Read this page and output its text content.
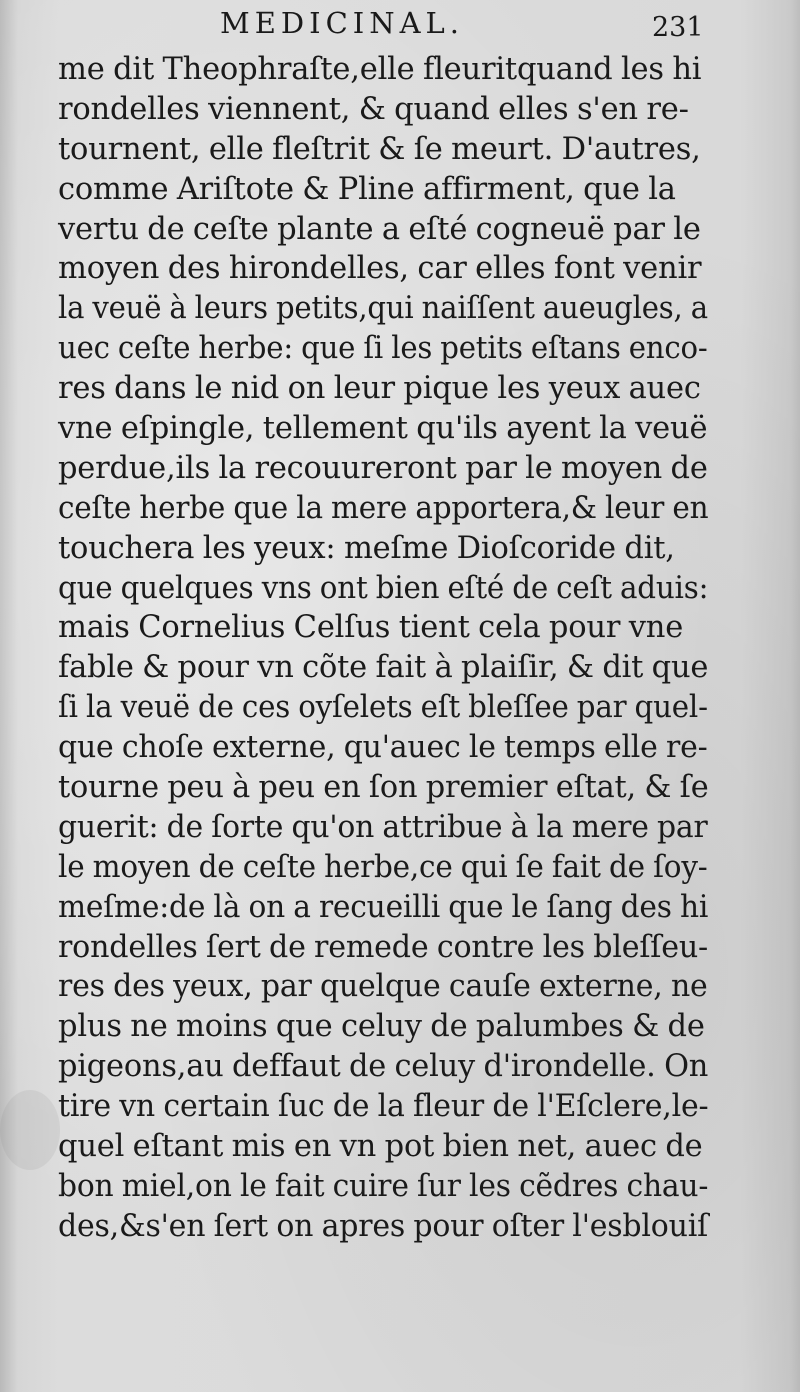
MEDICINAL.	231
me dit Theophraſte,elle fleuritquand les hi
rondelles viennent, & quand elles s'en re-
tournent, elle fleſtrit & ſe meurt. D'autres,
comme Ariſtote & Pline affirment, que la
vertu de ceſte plante a eſté cogneuë par le
moyen des hirondelles, car elles font venir
la veuë à leurs petits,qui naiſſent aueugles, a
uec ceſte herbe: que ſi les petits eſtans enco-
res dans le nid on leur pique les yeux auec
vne eſpingle, tellement qu'ils ayent la veuë
perdue,ils la recouureront par le moyen de
ceſte herbe que la mere apportera,& leur en
touchera les yeux: meſme Dioſcoride dit,
que quelques vns ont bien eſté de ceſt aduis:
mais Cornelius Celſus tient cela pour vne
fable & pour vn cõte fait à plaiſir, & dit que
ſi la veuë de ces oyſelets eſt bleſſee par quel-
que choſe externe, qu'auec le temps elle re-
tourne peu à peu en ſon premier eſtat, & ſe
guerit: de ſorte qu'on attribue à la mere par
le moyen de ceſte herbe,ce qui ſe fait de ſoy-
meſme:de là on a recueilli que le ſang des hi
rondelles ſert de remede contre les bleſſeu-
res des yeux, par quelque cauſe externe, ne
plus ne moins que celuy de palumbes & de
pigeons,au deffaut de celuy d'irondelle. On
tire vn certain ſuc de la fleur de l'Eſclere,le-
quel eſtant mis en vn pot bien net, auec de
bon miel,on le fait cuire ſur les cẽdres chau-
des,&s'en ſert on apres pour oſter l'esblouiſ
